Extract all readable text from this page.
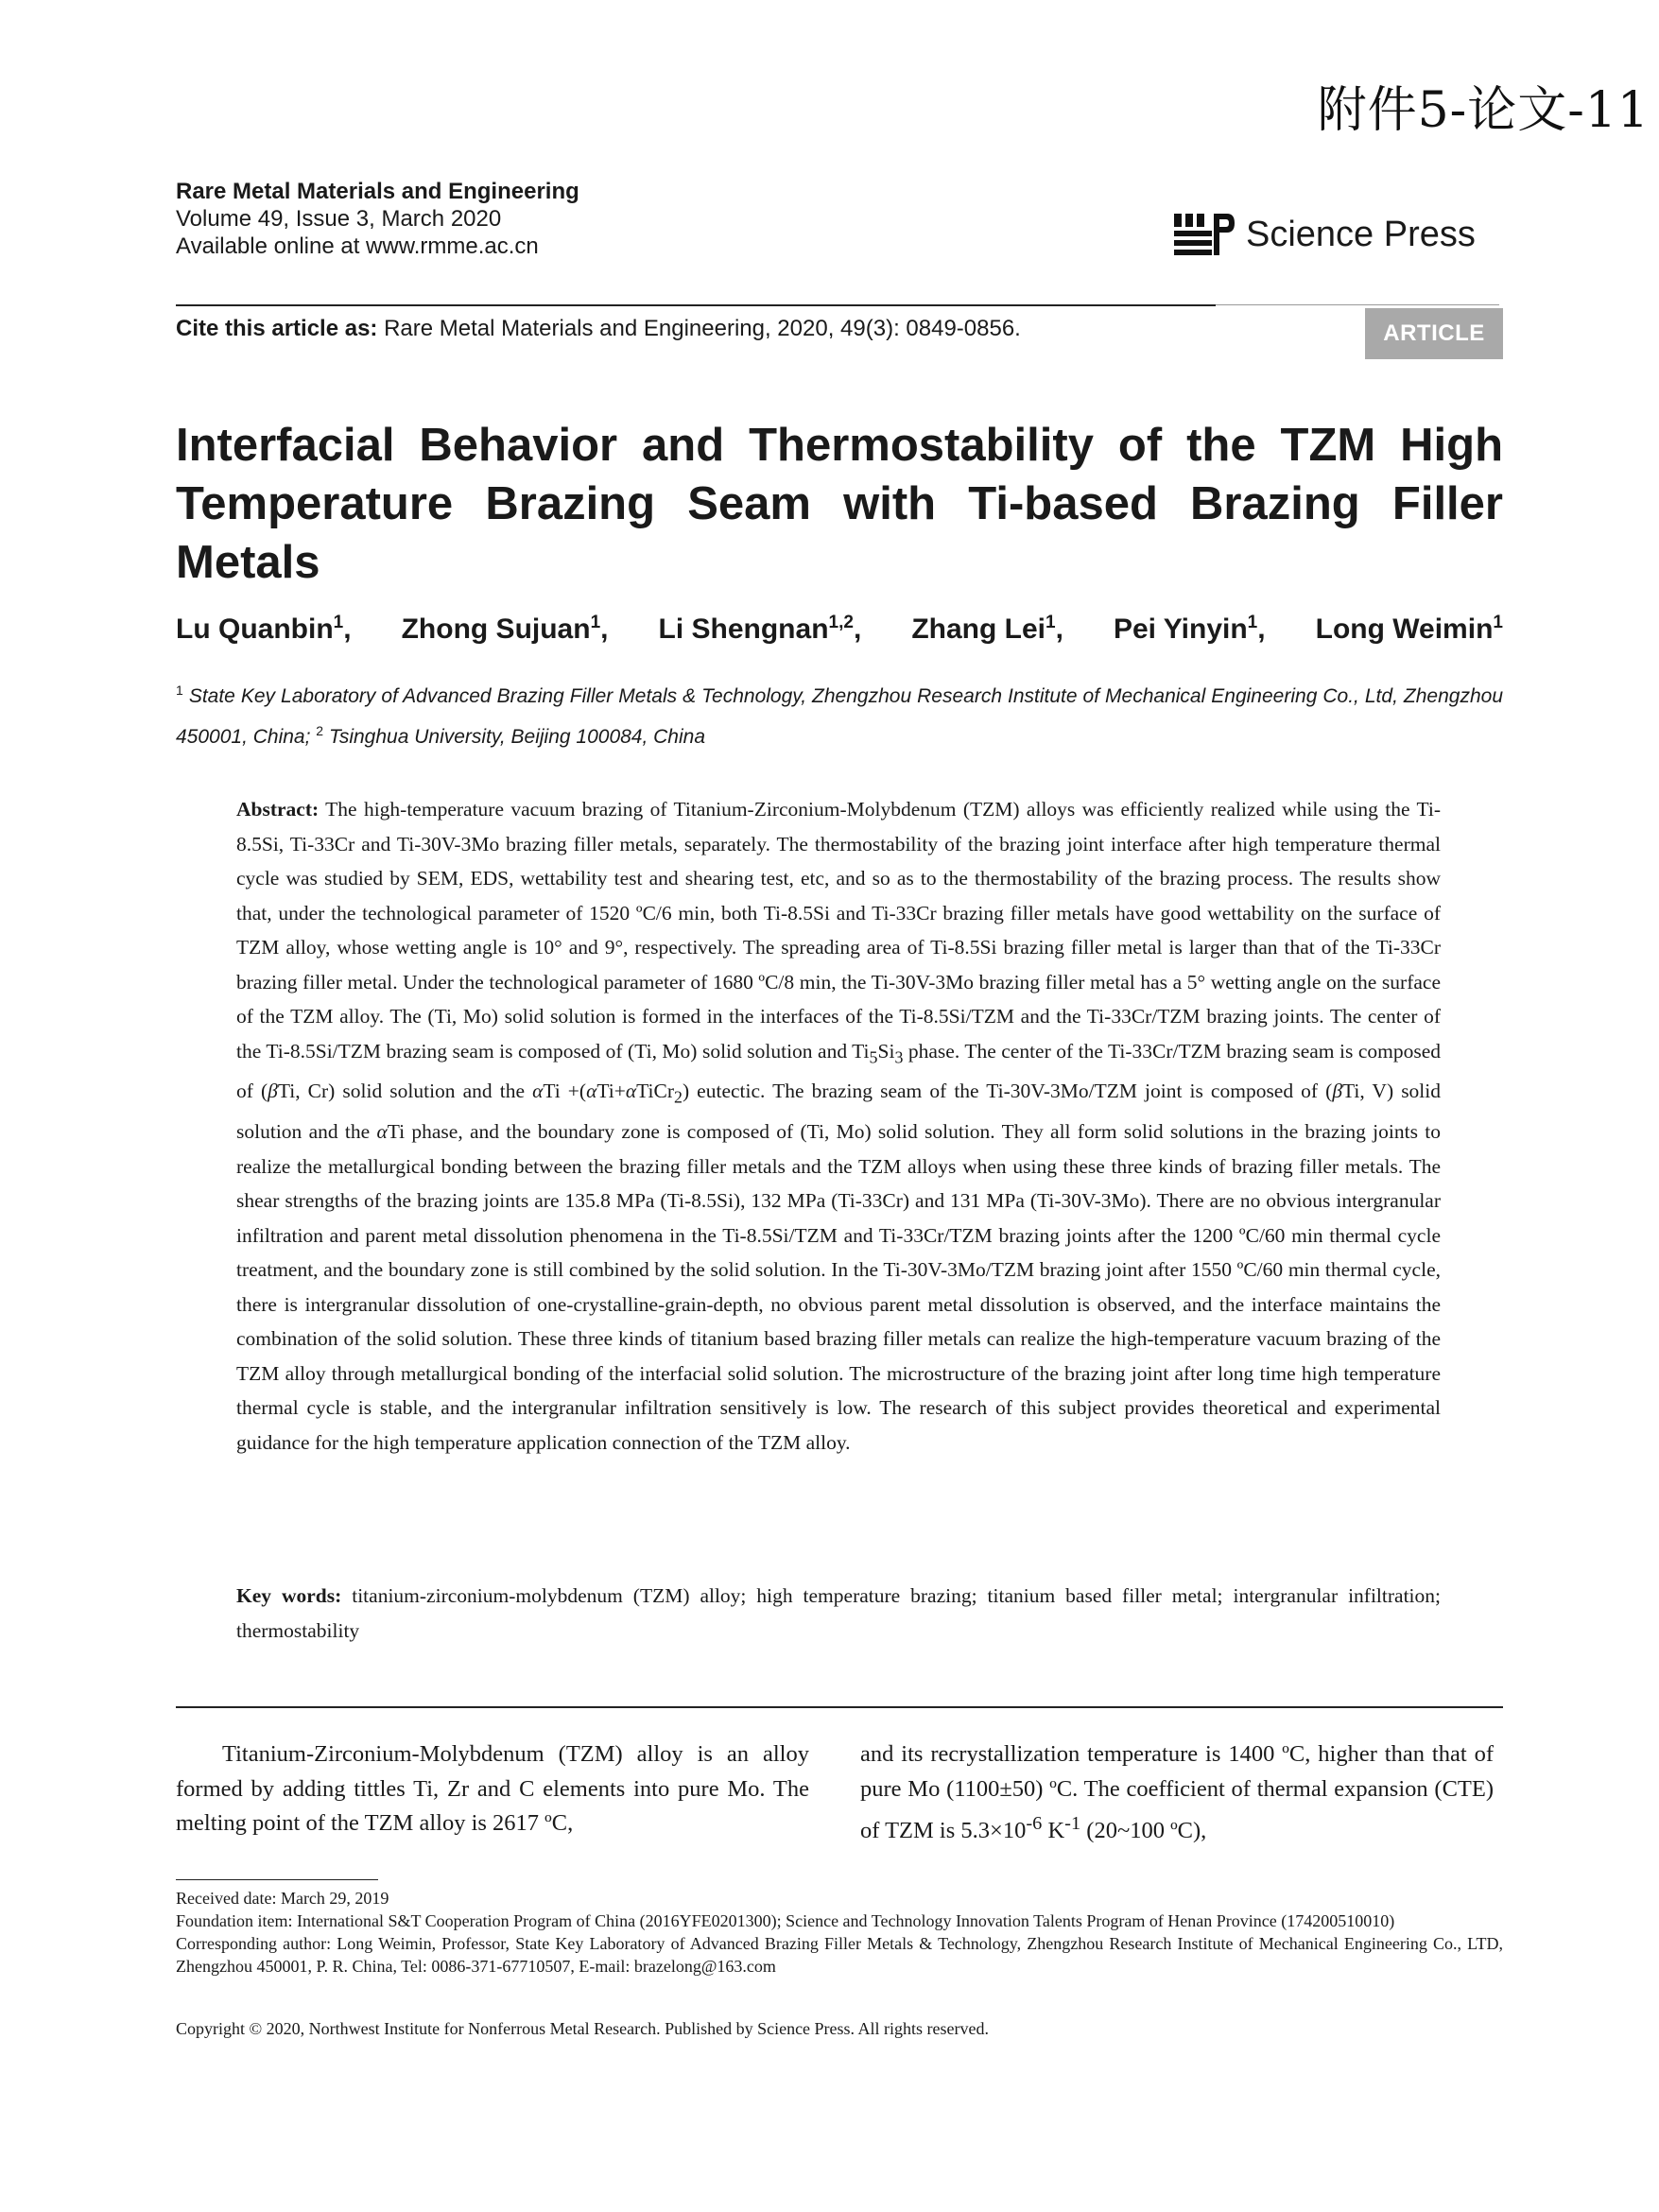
附件5-论文-11
Rare Metal Materials and Engineering
Volume 49, Issue 3, March 2020
Available online at www.rmme.ac.cn	Science Press
Cite this article as: Rare Metal Materials and Engineering, 2020, 49(3): 0849-0856.	ARTICLE
Interfacial Behavior and Thermostability of the TZM High Temperature Brazing Seam with Ti-based Brazing Filler Metals
Lu Quanbin$^1$, Zhong Sujuan$^1$, Li Shengnan$^{1,2}$, Zhang Lei$^1$, Pei Yinyin$^1$, Long Weimin$^1$

$^1$ State Key Laboratory of Advanced Brazing Filler Metals & Technology, Zhengzhou Research Institute of Mechanical Engineering Co., Ltd, Zhengzhou 450001, China; $^2$ Tsinghua University, Beijing 100084, China

Abstract: The high-temperature vacuum brazing of Titanium-Zirconium-Molybdenum (TZM) alloys was efficiently realized while using the Ti-8.5Si, Ti-33Cr and Ti-30V-3Mo brazing filler metals, separately. The thermostability of the brazing joint interface after high temperature thermal cycle was studied by SEM, EDS, wettability test and shearing test, etc, and so as to the thermostability of the brazing process. The results show that, under the technological parameter of 1520 ºC/6 min, both Ti-8.5Si and Ti-33Cr brazing filler metals have good wettability on the surface of TZM alloy, whose wetting angle is 10° and 9°, respectively. The spreading area of Ti-8.5Si brazing filler metal is larger than that of the Ti-33Cr brazing filler metal. Under the technological parameter of 1680 ºC/8 min, the Ti-30V-3Mo brazing filler metal has a 5° wetting angle on the surface of the TZM alloy. The (Ti, Mo) solid solution is formed in the interfaces of the Ti-8.5Si/TZM and the Ti-33Cr/TZM brazing joints. The center of the Ti-8.5Si/TZM brazing seam is composed of (Ti, Mo) solid solution and $Ti_5Si_3$ phase. The center of the Ti-33Cr/TZM brazing seam is composed of (βTi, Cr) solid solution and the αTi +(αTi+αTiCr$_2$) eutectic. The brazing seam of the Ti-30V-3Mo/TZM joint is composed of (βTi, V) solid solution and the αTi phase, and the boundary zone is composed of (Ti, Mo) solid solution. They all form solid solutions in the brazing joints to realize the metallurgical bonding between the brazing filler metals and the TZM alloys when using these three kinds of brazing filler metals. The shear strengths of the brazing joints are 135.8 MPa (Ti-8.5Si), 132 MPa (Ti-33Cr) and 131 MPa (Ti-30V-3Mo). There are no obvious intergranular infiltration and parent metal dissolution phenomena in the Ti-8.5Si/TZM and Ti-33Cr/TZM brazing joints after the 1200 ºC/60 min thermal cycle treatment, and the boundary zone is still combined by the solid solution. In the Ti-30V-3Mo/TZM brazing joint after 1550 ºC/60 min thermal cycle, there is intergranular dissolution of one-crystalline-grain-depth, no obvious parent metal dissolution is observed, and the interface maintains the combination of the solid solution. These three kinds of titanium based brazing filler metals can realize the high-temperature vacuum brazing of the TZM alloy through metallurgical bonding of the interfacial solid solution. The microstructure of the brazing joint after long time high temperature thermal cycle is stable, and the intergranular infiltration sensitively is low. The research of this subject provides theoretical and experimental guidance for the high temperature application connection of the TZM alloy.

Key words: titanium-zirconium-molybdenum (TZM) alloy; high temperature brazing; titanium based filler metal; intergranular infiltration; thermostability

Titanium-Zirconium-Molybdenum (TZM) alloy is an alloy formed by adding tittles Ti, Zr and C elements into pure Mo. The melting point of the TZM alloy is 2617 ºC,

and its recrystallization temperature is 1400 ºC, higher than that of pure Mo (1100±50) ºC. The coefficient of thermal expansion (CTE) of TZM is $5.3\times 10^{-6}$ $K^{-1}$ (20~100 ºC),

Received date: March 29, 2019

Foundation item: International S&T Cooperation Program of China (2016YFE0201300); Science and Technology Innovation Talents Program of Henan Province (174200510010)

Corresponding author: Long Weimin, Professor, State Key Laboratory of Advanced Brazing Filler Metals & Technology, Zhengzhou Research Institute of Mechanical Engineering Co., LTD, Zhengzhou 450001, P. R. China, Tel: 0086-371-67710507, E-mail: brazelong@163.com

Copyright © 2020, Northwest Institute for Nonferrous Metal Research. Published by Science Press. All rights reserved.
